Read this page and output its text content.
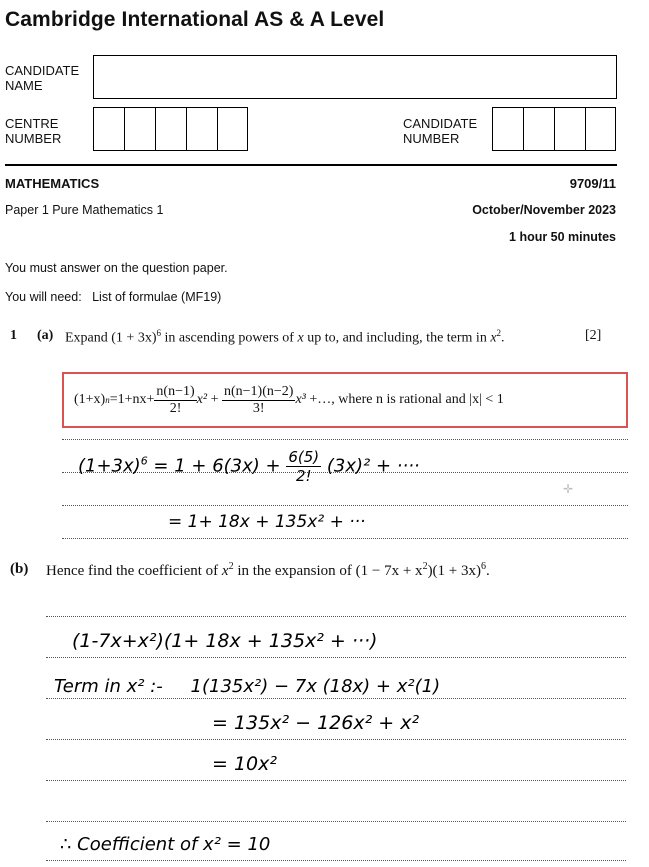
Cambridge International AS & A Level
CANDIDATE
NAME
CENTRE
NUMBER
CANDIDATE
NUMBER
MATHEMATICS	9709/11
Paper 1 Pure Mathematics 1	October/November 2023
1 hour 50 minutes
You must answer on the question paper.
You will need: List of formulae (MF19)
1 (a) Expand $(1 + 3x)^6$ in ascending powers of x up to, and including, the term in $x^2$.	[2]
(1+x) $n =1+nx+ \frac{n(n-1)}{2!} x^2 + \frac{n(n-1)(n-2)}{3!} x^3$ +…, where n is rational and |x| < 1
$(1+3x)^6 = 1 + 6(3x) + \frac{6(5)}{2!} (3x)^2$ + ····
✛
= 1+ 18x + 135x² + ···
(b) Hence find the coefficient of $x^2$ in the expansion of $(1 - 7x + x^2)(1 + 3x)^6$.
(1-7x+x²)(1+ 18x + 135x² + ···)
Term in x² :- 1(135x²) − 7x (18x) + x²(1)
= 135x² − 126x² + x²
= 10x²
∴ Coefficient of x² = 10
